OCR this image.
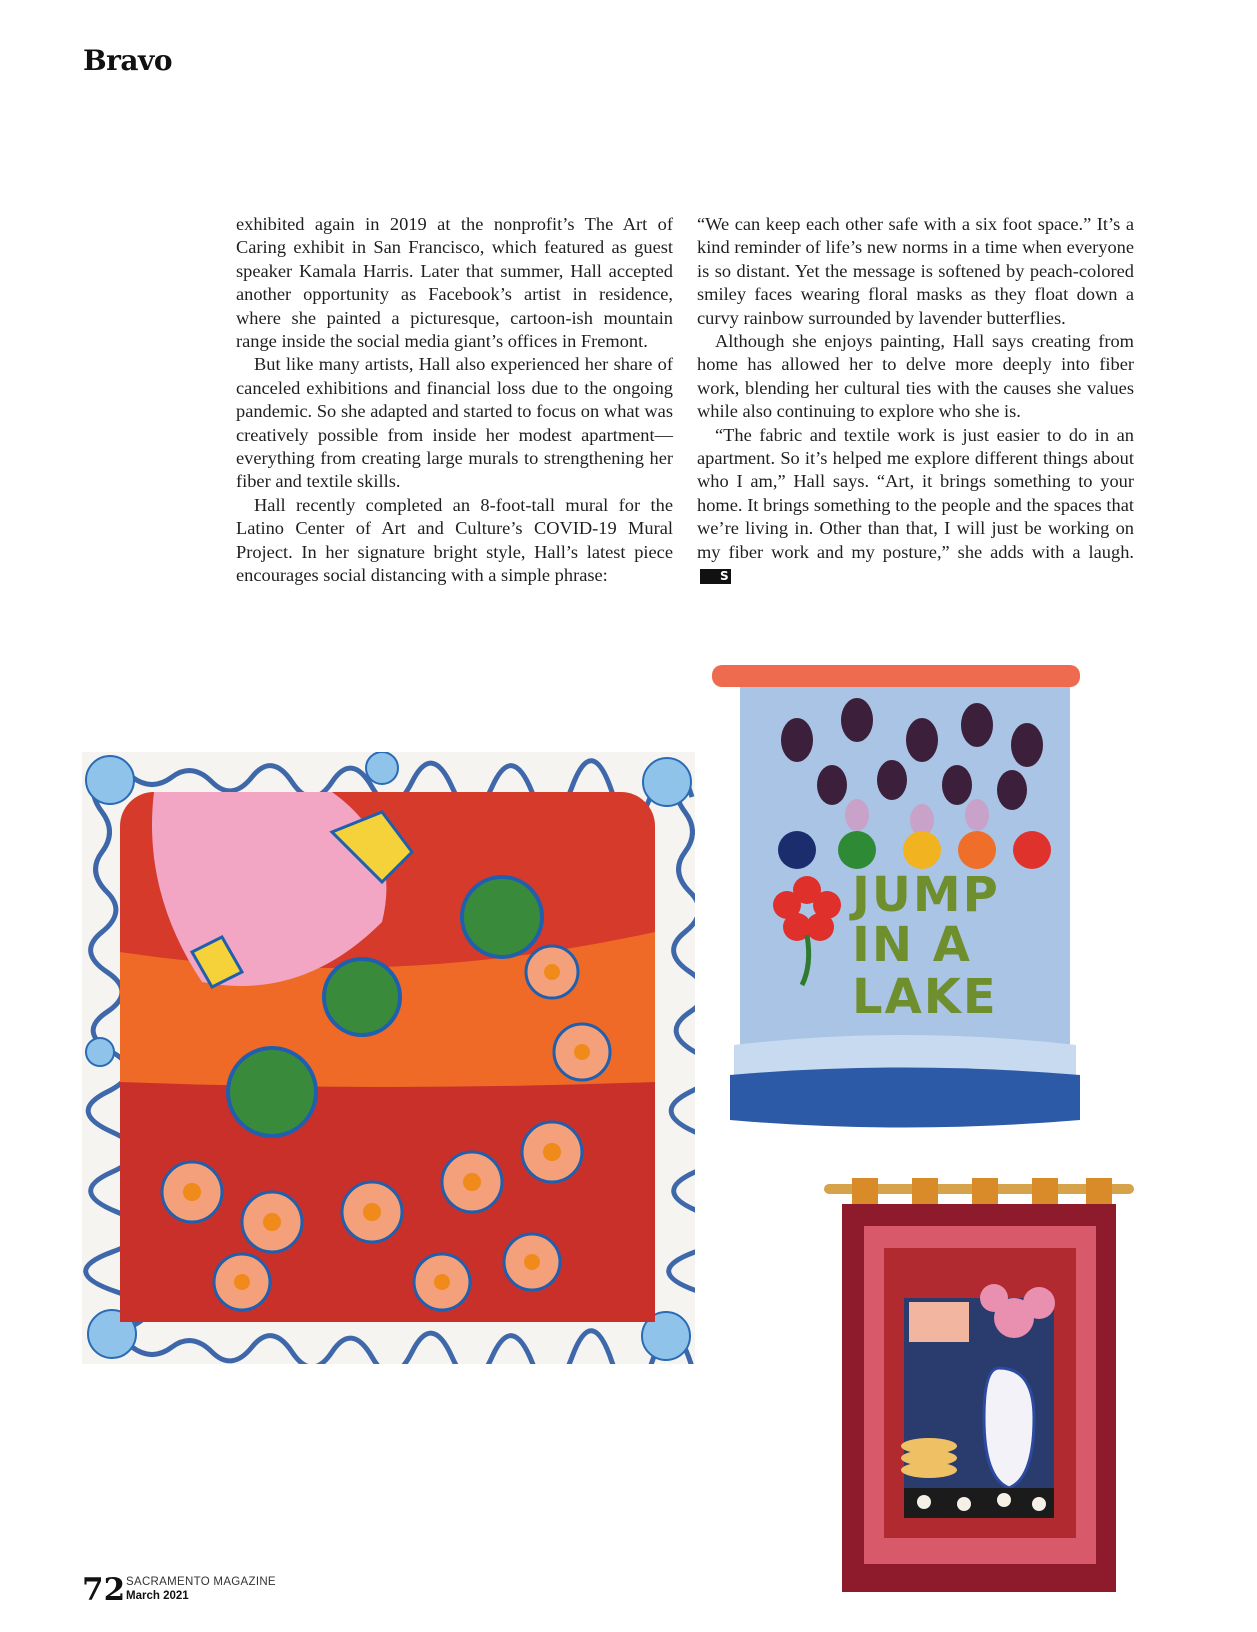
Bravo

exhibited again in 2019 at the nonprofit’s The Art of Caring exhibit in San Francisco, which featured as guest speaker Kamala Harris. Later that summer, Hall accepted another opportunity as Facebook’s artist in residence, where she painted a picturesque, cartoon-ish mountain range inside the social media giant’s offices in Fremont.

But like many artists, Hall also experienced her share of canceled exhibitions and financial loss due to the ongoing pandemic. So she adapted and started to focus on what was creatively possible from inside her modest apartment—everything from creating large murals to strengthening her fiber and textile skills.

Hall recently completed an 8-foot-tall mural for the Latino Center of Art and Culture’s COVID-19 Mural Project. In her signature bright style, Hall’s latest piece encourages social distancing with a simple phrase:

“We can keep each other safe with a six foot space.” It’s a kind reminder of life’s new norms in a time when everyone is so distant. Yet the message is softened by peach-colored smiley faces wearing floral masks as they float down a curvy rainbow surrounded by lavender butterflies.

Although she enjoys painting, Hall says creating from home has allowed her to delve more deeply into fiber work, blending her cultural ties with the causes she values while also continuing to explore who she is.

“The fabric and textile work is just easier to do in an apartment. So it’s helped me explore different things about who I am,” Hall says. “Art, it brings something to your home. It brings something to the people and the spaces that we’re living in. Other than that, I will just be working on my fiber work and my posture,” she adds with a laugh.S

JUMP
IN A
LAKE
72 SACRAMENTO MAGAZINE
March 2021
